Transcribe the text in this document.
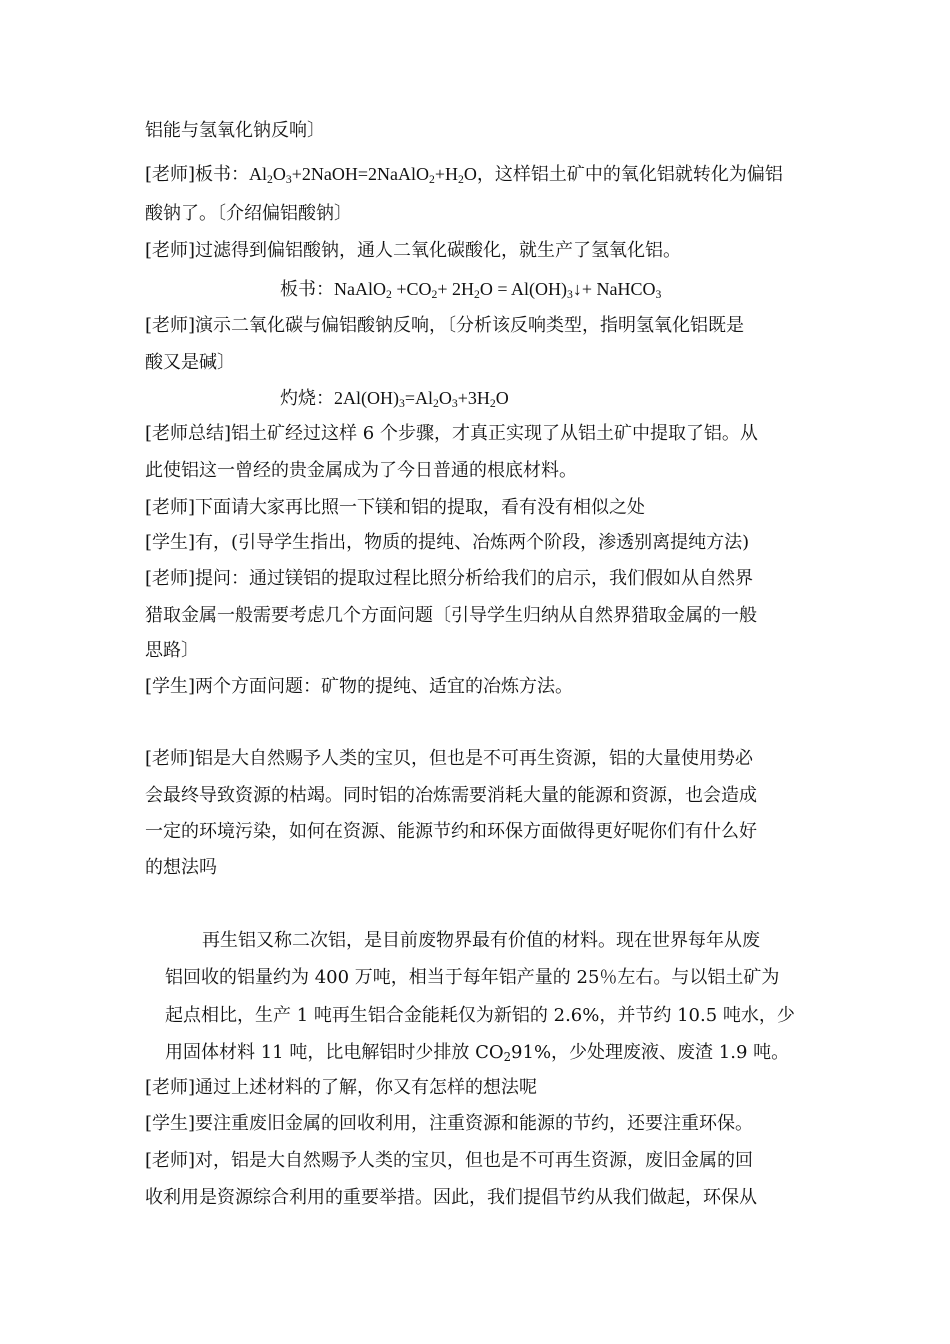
铝能与氢氧化钠反响〕
[老师]板书：$Al_2O_3+2NaOH=2NaAlO_2+H_2O$，这样铝土矿中的氧化铝就转化为偏铝
酸钠了。〔介绍偏铝酸钠〕
[老师]过滤得到偏铝酸钠，通人二氧化碳酸化，就生产了氢氧化铝。
板书：NaAlO$_2$ $+CO_2+ 2H_2O$ = $Al(OH)_3↓+$ NaHCO$_3$
[老师]演示二氧化碳与偏铝酸钠反响，〔分析该反响类型，指明氢氧化铝既是
酸又是碱〕
灼烧：$2Al(OH)_3=Al_2O_3+3H_2O$
[老师总结]铝土矿经过这样 6 个步骤，才真正实现了从铝土矿中提取了铝。从
此使铝这一曾经的贵金属成为了今日普通的根底材料。
[老师]下面请大家再比照一下镁和铝的提取，看有没有相似之处
[学生]有，(引导学生指出，物质的提纯、冶炼两个阶段，渗透别离提纯方法)
[老师]提问：通过镁铝的提取过程比照分析给我们的启示，我们假如从自然界
猎取金属一般需要考虑几个方面问题〔引导学生归纳从自然界猎取金属的一般
思路〕
[学生]两个方面问题：矿物的提纯、适宜的冶炼方法。
[老师]铝是大自然赐予人类的宝贝，但也是不可再生资源，铝的大量使用势必
会最终导致资源的枯竭。同时铝的冶炼需要消耗大量的能源和资源，也会造成
一定的环境污染，如何在资源、能源节约和环保方面做得更好呢你们有什么好
的想法吗
再生铝又称二次铝，是目前废物界最有价值的材料。现在世界每年从废
铝回收的铝量约为 400 万吨，相当于每年铝产量的 25％左右。与以铝土矿为
起点相比，生产 1 吨再生铝合金能耗仅为新铝的 2.6%，并节约 10.5 吨水，少
用固体材料 11 吨，比电解铝时少排放 $CO_291\%$，少处理废液、废渣 1.9 吨。
[老师]通过上述材料的了解，你又有怎样的想法呢
[学生]要注重废旧金属的回收利用，注重资源和能源的节约，还要注重环保。
[老师]对，铝是大自然赐予人类的宝贝，但也是不可再生资源，废旧金属的回
收利用是资源综合利用的重要举措。因此，我们提倡节约从我们做起，环保从
